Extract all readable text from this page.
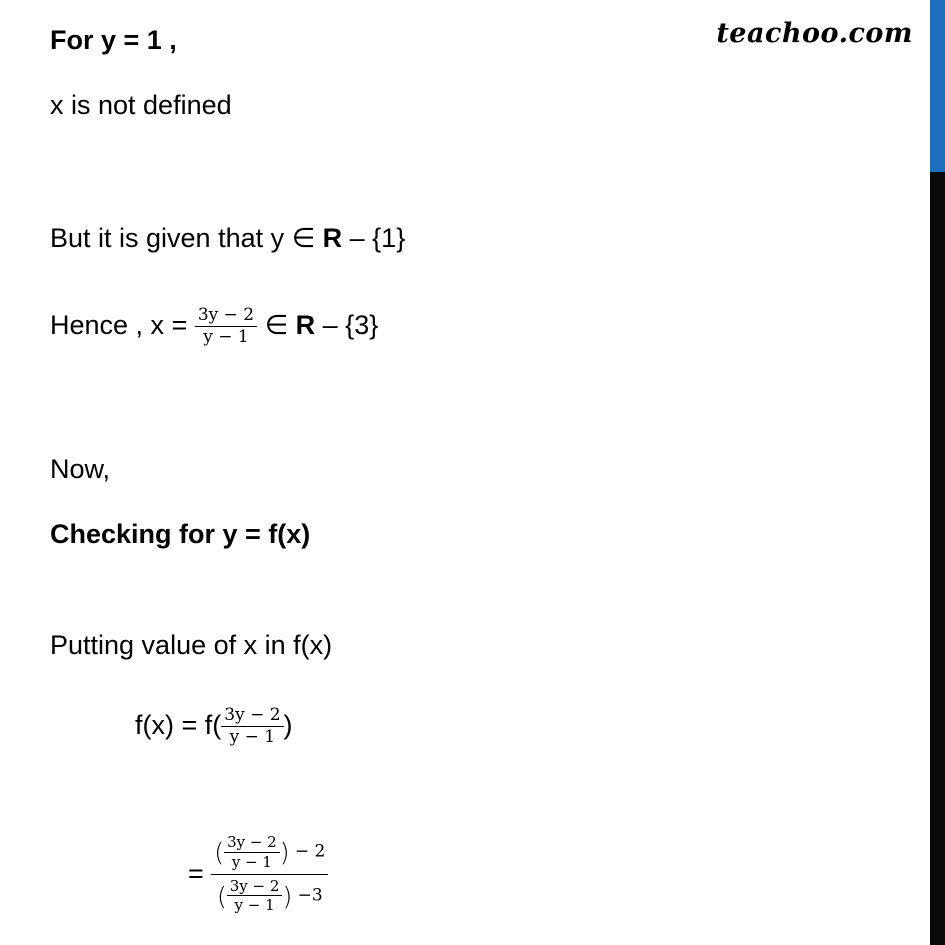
teachoo.com
For y = 1 ,
x is not defined
But it is given that y ∈ R – {1}
Hence , $x = \frac{3y - 2}{y - 1}$ ∈ R – {3}
Now,
Checking for y = f(x)
Putting value of x in f(x)
$f(x) = f( \frac{3y - 2}{y - 1}$ )
= $\frac{( \frac{3y - 2}{y - 1} ) - 2}{( \frac{3y - 2}{y - 1} ) -3}$
